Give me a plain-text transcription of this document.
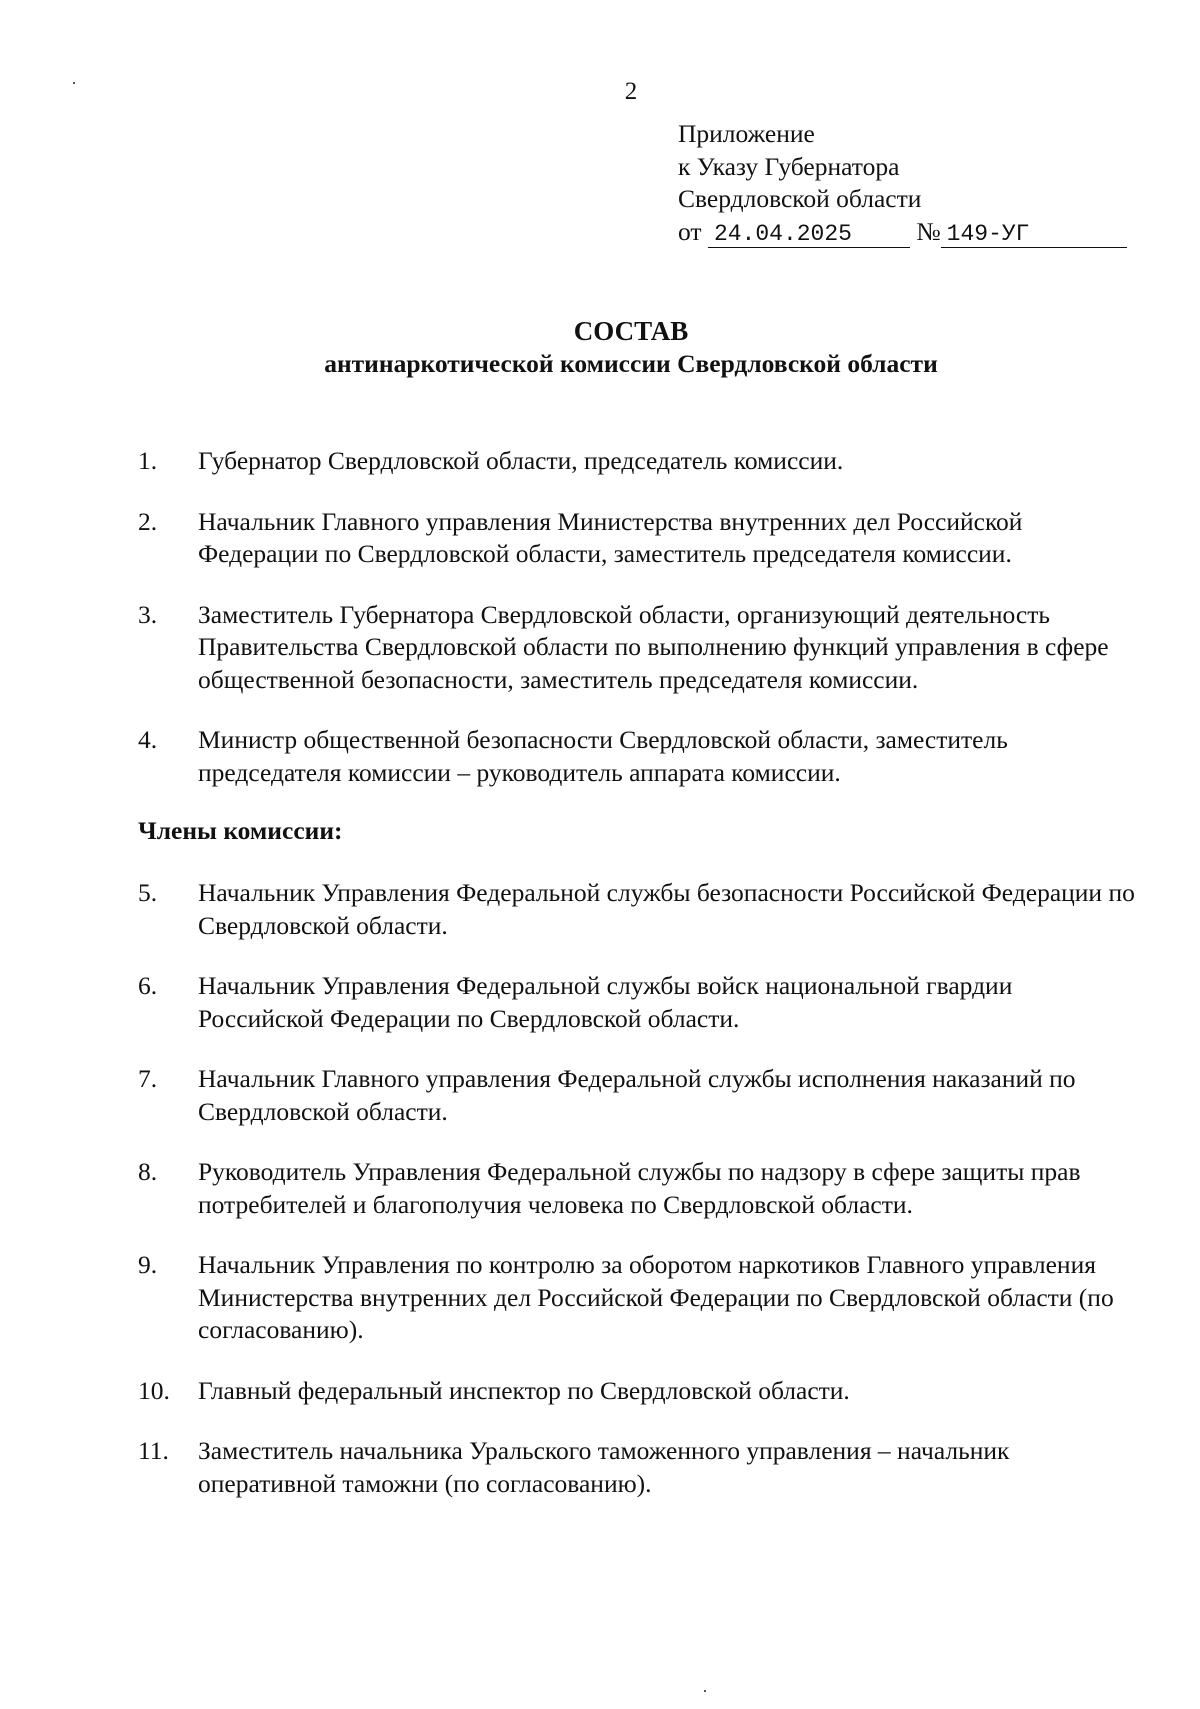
2
Приложение
к Указу Губернатора
Свердловской области
от 24.04.2025	№ 149-УГ
СОСТАВ
антинаркотической комиссии Свердловской области
1. Губернатор Свердловской области, председатель комиссии.
2. Начальник Главного управления Министерства внутренних дел Российской Федерации по Свердловской области, заместитель председателя комиссии.
3. Заместитель Губернатора Свердловской области, организующий деятельность Правительства Свердловской области по выполнению функций управления в сфере общественной безопасности, заместитель председателя комиссии.
4. Министр общественной безопасности Свердловской области, заместитель председателя комиссии – руководитель аппарата комиссии.
Члены комиссии:
5. Начальник Управления Федеральной службы безопасности Российской Федерации по Свердловской области.
6. Начальник Управления Федеральной службы войск национальной гвардии Российской Федерации по Свердловской области.
7. Начальник Главного управления Федеральной службы исполнения наказаний по Свердловской области.
8. Руководитель Управления Федеральной службы по надзору в сфере защиты прав потребителей и благополучия человека по Свердловской области.
9. Начальник Управления по контролю за оборотом наркотиков Главного управления Министерства внутренних дел Российской Федерации по Свердловской области (по согласованию).
10. Главный федеральный инспектор по Свердловской области.
11. Заместитель начальника Уральского таможенного управления – начальник оперативной таможни (по согласованию).
